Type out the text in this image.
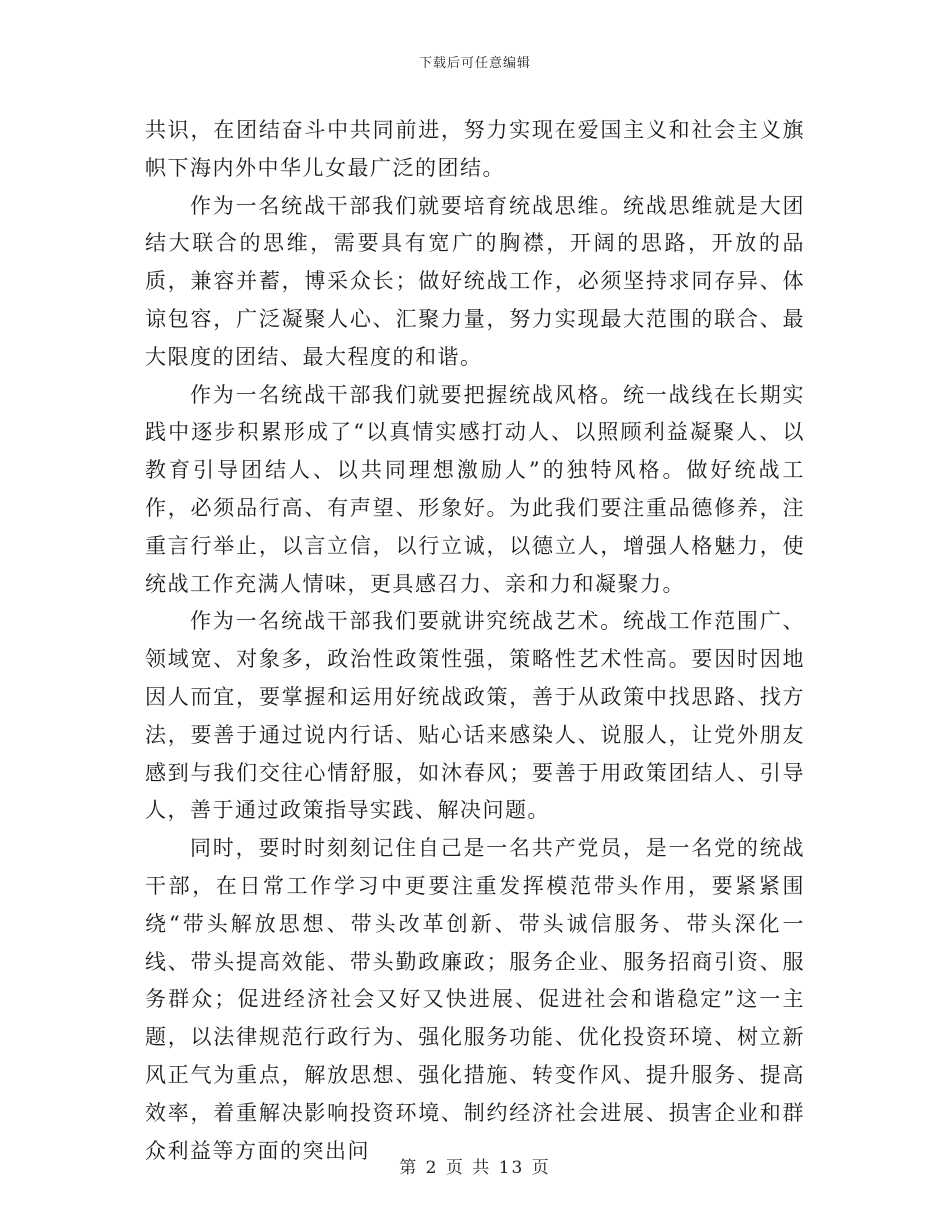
下载后可任意编辑

共识，在团结奋斗中共同前进，努力实现在爱国主义和社会主义旗帜下海内外中华儿女最广泛的团结。

作为一名统战干部我们就要培育统战思维。统战思维就是大团结大联合的思维，需要具有宽广的胸襟，开阔的思路，开放的品质，兼容并蓄，博采众长；做好统战工作，必须坚持求同存异、体谅包容，广泛凝聚人心、汇聚力量，努力实现最大范围的联合、最大限度的团结、最大程度的和谐。

作为一名统战干部我们就要把握统战风格。统一战线在长期实践中逐步积累形成了“以真情实感打动人、以照顾利益凝聚人、以教育引导团结人、以共同理想激励人”的独特风格。做好统战工作，必须品行高、有声望、形象好。为此我们要注重品德修养，注重言行举止，以言立信，以行立诚，以德立人，增强人格魅力，使统战工作充满人情味，更具感召力、亲和力和凝聚力。

作为一名统战干部我们要就讲究统战艺术。统战工作范围广、领域宽、对象多，政治性政策性强，策略性艺术性高。要因时因地因人而宜，要掌握和运用好统战政策，善于从政策中找思路、找方法，要善于通过说内行话、贴心话来感染人、说服人，让党外朋友感到与我们交往心情舒服，如沐春风；要善于用政策团结人、引导人，善于通过政策指导实践、解决问题。

同时，要时时刻刻记住自己是一名共产党员，是一名党的统战干部，在日常工作学习中更要注重发挥模范带头作用，要紧紧围绕“带头解放思想、带头改革创新、带头诚信服务、带头深化一线、带头提高效能、带头勤政廉政；服务企业、服务招商引资、服务群众；促进经济社会又好又快进展、促进社会和谐稳定”这一主题，以法律规范行政行为、强化服务功能、优化投资环境、树立新风正气为重点，解放思想、强化措施、转变作风、提升服务、提高效率，着重解决影响投资环境、制约经济社会进展、损害企业和群众利益等方面的突出问

第 2 页 共 13 页
